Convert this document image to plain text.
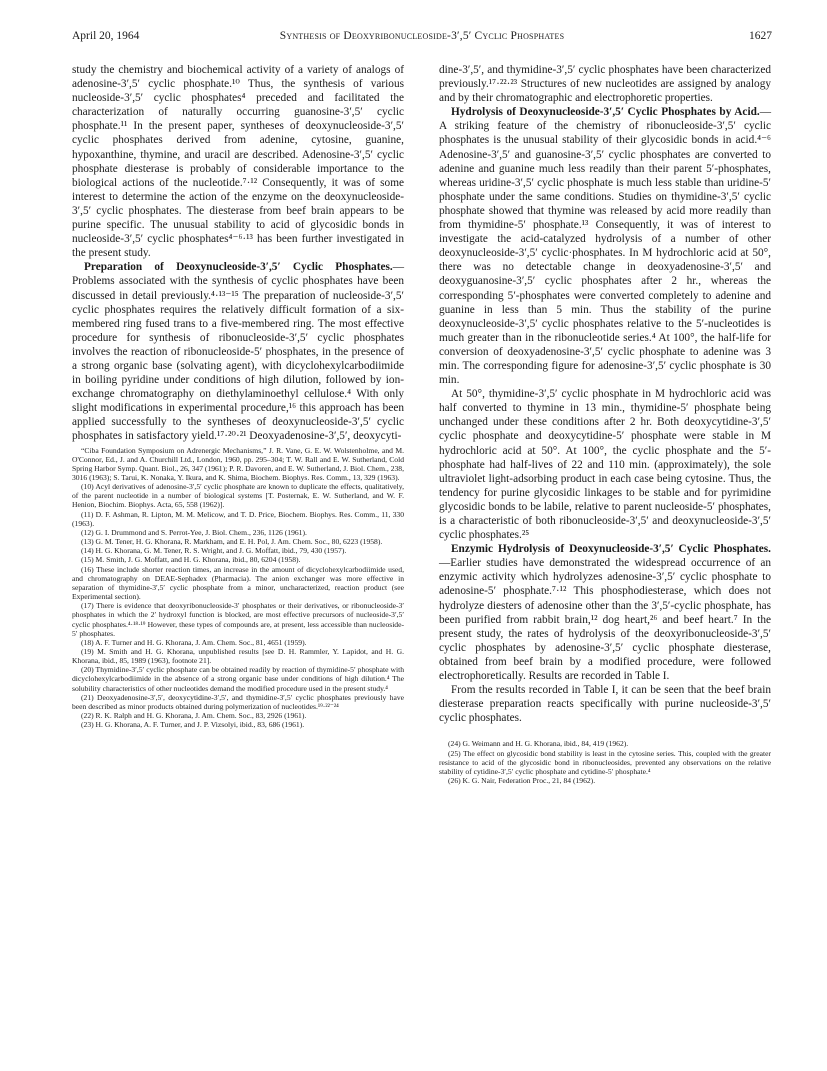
April 20, 1964	Synthesis of Deoxyribonucleoside-3′,5′ Cyclic Phosphates	1627

study the chemistry and biochemical activity of a variety of analogs of adenosine-3′,5′ cyclic phosphate.¹⁰ Thus, the synthesis of various nucleoside-3′,5′ cyclic phosphates⁴ preceded and facilitated the characterization of naturally occurring guanosine-3′,5′ cyclic phosphate.¹¹ In the present paper, syntheses of deoxynucleoside-3′,5′ cyclic phosphates derived from adenine, cytosine, guanine, hypoxanthine, thymine, and uracil are described. Adenosine-3′,5′ cyclic phosphate diesterase is probably of considerable importance to the biological actions of the nucleotide.⁷·¹² Consequently, it was of some interest to determine the action of the enzyme on the deoxynucleoside-3′,5′ cyclic phosphates. The diesterase from beef brain appears to be purine specific. The unusual stability to acid of glycosidic bonds in nucleoside-3′,5′ cyclic phosphates⁴⁻⁶·¹³ has been further investigated in the present study.

Preparation of Deoxynucleoside-3′,5′ Cyclic Phosphates.—Problems associated with the synthesis of cyclic phosphates have been discussed in detail previously.⁴·¹³⁻¹⁵ The preparation of nucleoside-3′,5′ cyclic phosphates requires the relatively difficult formation of a six-membered ring fused trans to a five-membered ring. The most effective procedure for synthesis of ribonucleoside-3′,5′ cyclic phosphates involves the reaction of ribonucleoside-5′ phosphates, in the presence of a strong organic base (solvating agent), with dicyclohexylcarbodiimide in boiling pyridine under conditions of high dilution, followed by ion-exchange chromatography on diethylaminoethyl cellulose.⁴ With only slight modifications in experimental procedure,¹⁶ this approach has been applied successfully to the syntheses of deoxynucleoside-3′,5′ cyclic phosphates in satisfactory yield.¹⁷·²⁰·²¹ Deoxyadenosine-3′,5′, deoxycyti-

“Ciba Foundation Symposium on Adrenergic Mechanisms,” J. R. Vane, G. E. W. Wolstenholme, and M. O'Connor, Ed., J. and A. Churchill Ltd., London, 1960, pp. 295–304; T. W. Rall and E. W. Sutherland, Cold Spring Harbor Symp. Quant. Biol., 26, 347 (1961); P. R. Davoren, and E. W. Sutherland, J. Biol. Chem., 238, 3016 (1963); S. Tarui, K. Nonaka, Y. Ikura, and K. Shima, Biochem. Biophys. Res. Comm., 13, 329 (1963).

(10) Acyl derivatives of adenosine-3′,5′ cyclic phosphate are known to duplicate the effects, qualitatively, of the parent nucleotide in a number of biological systems [T. Posternak, E. W. Sutherland, and W. F. Henion, Biochim. Biophys. Acta, 65, 558 (1962)].

(11) D. F. Ashman, R. Lipton, M. M. Melicow, and T. D. Price, Biochem. Biophys. Res. Comm., 11, 330 (1963).

(12) G. I. Drummond and S. Perrot-Yee, J. Biol. Chem., 236, 1126 (1961).

(13) G. M. Tener, H. G. Khorana, R. Markham, and E. H. Pol, J. Am. Chem. Soc., 80, 6223 (1958).

(14) H. G. Khorana, G. M. Tener, R. S. Wright, and J. G. Moffatt, ibid., 79, 430 (1957).

(15) M. Smith, J. G. Moffatt, and H. G. Khorana, ibid., 80, 6204 (1958).

(16) These include shorter reaction times, an increase in the amount of dicyclohexylcarbodiimide used, and chromatography on DEAE-Sephadex (Pharmacia). The anion exchanger was more effective in separation of thymidine-3′,5′ cyclic phosphate from a minor, uncharacterized, reaction product (see Experimental section).

(17) There is evidence that deoxyribonucleoside-3′ phosphates or their derivatives, or ribonucleoside-3′ phosphates in which the 2′ hydroxyl function is blocked, are most effective precursors of nucleoside-3′,5′ cyclic phosphates.⁴·¹⁸·¹⁹ However, these types of compounds are, at present, less accessible than nucleoside-5′ phosphates.

(18) A. F. Turner and H. G. Khorana, J. Am. Chem. Soc., 81, 4651 (1959).

(19) M. Smith and H. G. Khorana, unpublished results [see D. H. Rammler, Y. Lapidot, and H. G. Khorana, ibid., 85, 1989 (1963), footnote 21].

(20) Thymidine-3′,5′ cyclic phosphate can be obtained readily by reaction of thymidine-5′ phosphate with dicyclohexylcarbodiimide in the absence of a strong organic base under conditions of high dilution.⁴ The solubility characteristics of other nucleotides demand the modified procedure used in the present study.⁴

(21) Deoxyadenosine-3′,5′, deoxycytidine-3′,5′, and thymidine-3′,5′ cyclic phosphates previously have been described as minor products obtained during polymerization of nucleotides.¹⁹·²²⁻²⁴

(22) R. K. Ralph and H. G. Khorana, J. Am. Chem. Soc., 83, 2926 (1961).

(23) H. G. Khorana, A. F. Turner, and J. P. Vizsolyi, ibid., 83, 686 (1961).

dine-3′,5′, and thymidine-3′,5′ cyclic phosphates have been characterized previously.¹⁷·²²·²³ Structures of new nucleotides are assigned by analogy and by their chromatographic and electrophoretic properties.

Hydrolysis of Deoxynucleoside-3′,5′ Cyclic Phosphates by Acid.—A striking feature of the chemistry of ribonucleoside-3′,5′ cyclic phosphates is the unusual stability of their glycosidic bonds in acid.⁴⁻⁶ Adenosine-3′,5′ and guanosine-3′,5′ cyclic phosphates are converted to adenine and guanine much less readily than their parent 5′-phosphates, whereas uridine-3′,5′ cyclic phosphate is much less stable than uridine-5′ phosphate under the same conditions. Studies on thymidine-3′,5′ cyclic phosphate showed that thymine was released by acid more readily than from thymidine-5′ phosphate.¹³ Consequently, it was of interest to investigate the acid-catalyzed hydrolysis of a number of other deoxynucleoside-3′,5′ cyclic·phosphates. In M hydrochloric acid at 50°, there was no detectable change in deoxyadenosine-3′,5′ and deoxyguanosine-3′,5′ cyclic phosphates after 2 hr., whereas the corresponding 5′-phosphates were converted completely to adenine and guanine in less than 5 min. Thus the stability of the purine deoxynucleoside-3′,5′ cyclic phosphates relative to the 5′-nucleotides is much greater than in the ribonucleotide series.⁴ At 100°, the half-life for conversion of deoxyadenosine-3′,5′ cyclic phosphate to adenine was 3 min. The corresponding figure for adenosine-3′,5′ cyclic phosphate is 30 min.

At 50°, thymidine-3′,5′ cyclic phosphate in M hydrochloric acid was half converted to thymine in 13 min., thymidine-5′ phosphate being unchanged under these conditions after 2 hr. Both deoxycytidine-3′,5′ cyclic phosphate and deoxycytidine-5′ phosphate were stable in M hydrochloric acid at 50°. At 100°, the cyclic phosphate and the 5′-phosphate had half-lives of 22 and 110 min. (approximately), the sole ultraviolet light-adsorbing product in each case being cytosine. Thus, the tendency for purine glycosidic linkages to be stable and for pyrimidine glycosidic bonds to be labile, relative to parent nucleoside-5′ phosphates, is a characteristic of both ribonucleoside-3′,5′ and deoxynucleoside-3′,5′ cyclic phosphates.²⁵

Enzymic Hydrolysis of Deoxynucleoside-3′,5′ Cyclic Phosphates.—Earlier studies have demonstrated the widespread occurrence of an enzymic activity which hydrolyzes adenosine-3′,5′ cyclic phosphate to adenosine-5′ phosphate.⁷·¹² This phosphodiesterase, which does not hydrolyze diesters of adenosine other than the 3′,5′-cyclic phosphate, has been purified from rabbit brain,¹² dog heart,²⁶ and beef heart.⁷ In the present study, the rates of hydrolysis of the deoxyribonucleoside-3′,5′ cyclic phosphates by adenosine-3′,5′ cyclic phosphate diesterase, obtained from beef brain by a modified procedure, were followed electrophoretically. Results are recorded in Table I.

From the results recorded in Table I, it can be seen that the beef brain diesterase preparation reacts specifically with purine nucleoside-3′,5′ cyclic phosphates.

(24) G. Weimann and H. G. Khorana, ibid., 84, 419 (1962).

(25) The effect on glycosidic bond stability is least in the cytosine series. This, coupled with the greater resistance to acid of the glycosidic bond in ribonucleosides, prevented any observations on the relative stability of cytidine-3′,5′ cyclic phosphate and cytidine-5′ phosphate.⁴

(26) K. G. Nair, Federation Proc., 21, 84 (1962).
